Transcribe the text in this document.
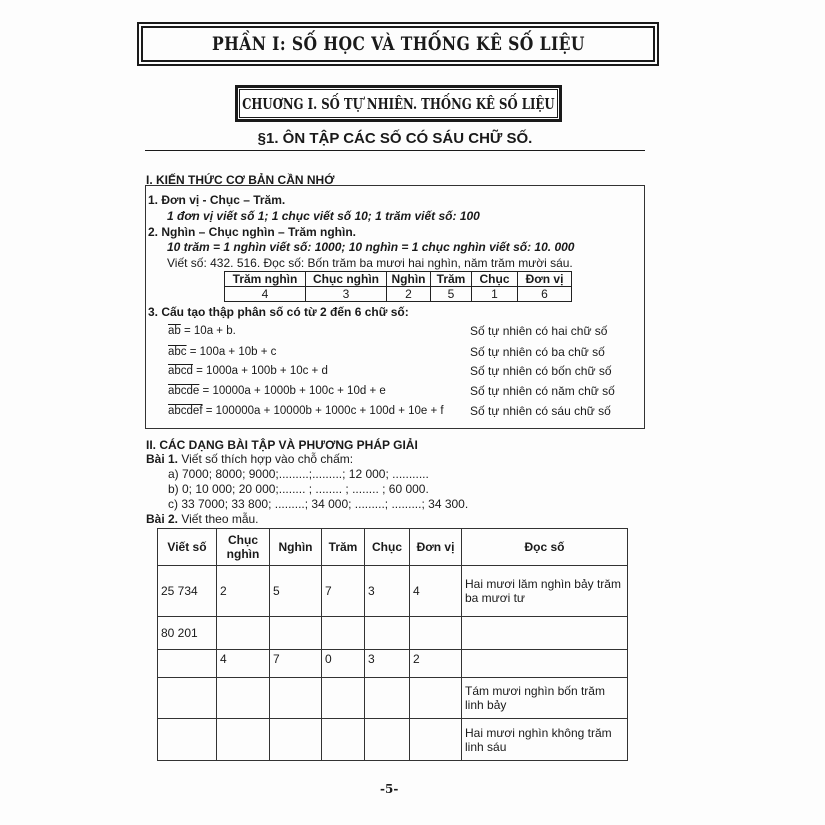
PHẦN I: SỐ HỌC VÀ THỐNG KÊ SỐ LIỆU
CHUƠNG I. SỐ TỰ NHIÊN. THỐNG KÊ SỐ LIỆU
§1. ÔN TẬP CÁC SỐ CÓ SÁU CHỮ SỐ.
I. KIẾN THỨC CƠ BẢN CẦN NHỚ
1. Đơn vị - Chục – Trăm.
1 đơn vị viết số 1; 1 chục viết số 10; 1 trăm viết số: 100
2. Nghìn – Chục nghìn – Trăm nghìn.
10 trăm = 1 nghìn viết số: 1000; 10 nghìn = 1 chục nghìn viết số: 10. 000
Viết số: 432. 516. Đọc số: Bốn trăm ba mươi hai nghìn, năm trăm mười sáu.
Trăm nghìn	Chục nghìn	Nghìn	Trăm	Chục	Đơn vị
4	3	2	5	1	6
3. Cấu tạo thập phân số có từ 2 đến 6 chữ số:
$\overline{ab} = 10a + b$.	Số tự nhiên có hai chữ số
$\overline{abc} = 100a + 10b + c$	Số tự nhiên có ba chữ số
abcd = 1000a + 100b + 10c + d	Số tự nhiên có bốn chữ số
abcde = 10000a + 1000b + 100c + 10d + e	Số tự nhiên có năm chữ số
abcdef = 100000a + 10000b + 1000c + 100d + 10e + f Số tự nhiên có sáu chữ số
II. CÁC DẠNG BÀI TẬP VÀ PHƯƠNG PHÁP GIẢI
Bài 1. Viết số thích hợp vào chỗ chấm:
a) 7000; 8000; 9000;.........;.........; 12 000; ...........
b) 0; 10 000; 20 000;........ ; ........ ; ........ ; 60 000.
c) 33 7000; 33 800; .........; 34 000; .........; .........; 34 300.
Bài 2. Viết theo mẫu.
Viết số	Chục nghìn	Nghìn	Trăm	Chục	Đơn vị	Đọc số
25 734	2	5	7	3	4	Hai mươi lăm nghìn bảy trăm ba mươi tư
80 201						
	4	7	0	3	2	
						Tám mươi nghìn bốn trăm linh bảy
						Hai mươi nghìn không trăm linh sáu
-5-
